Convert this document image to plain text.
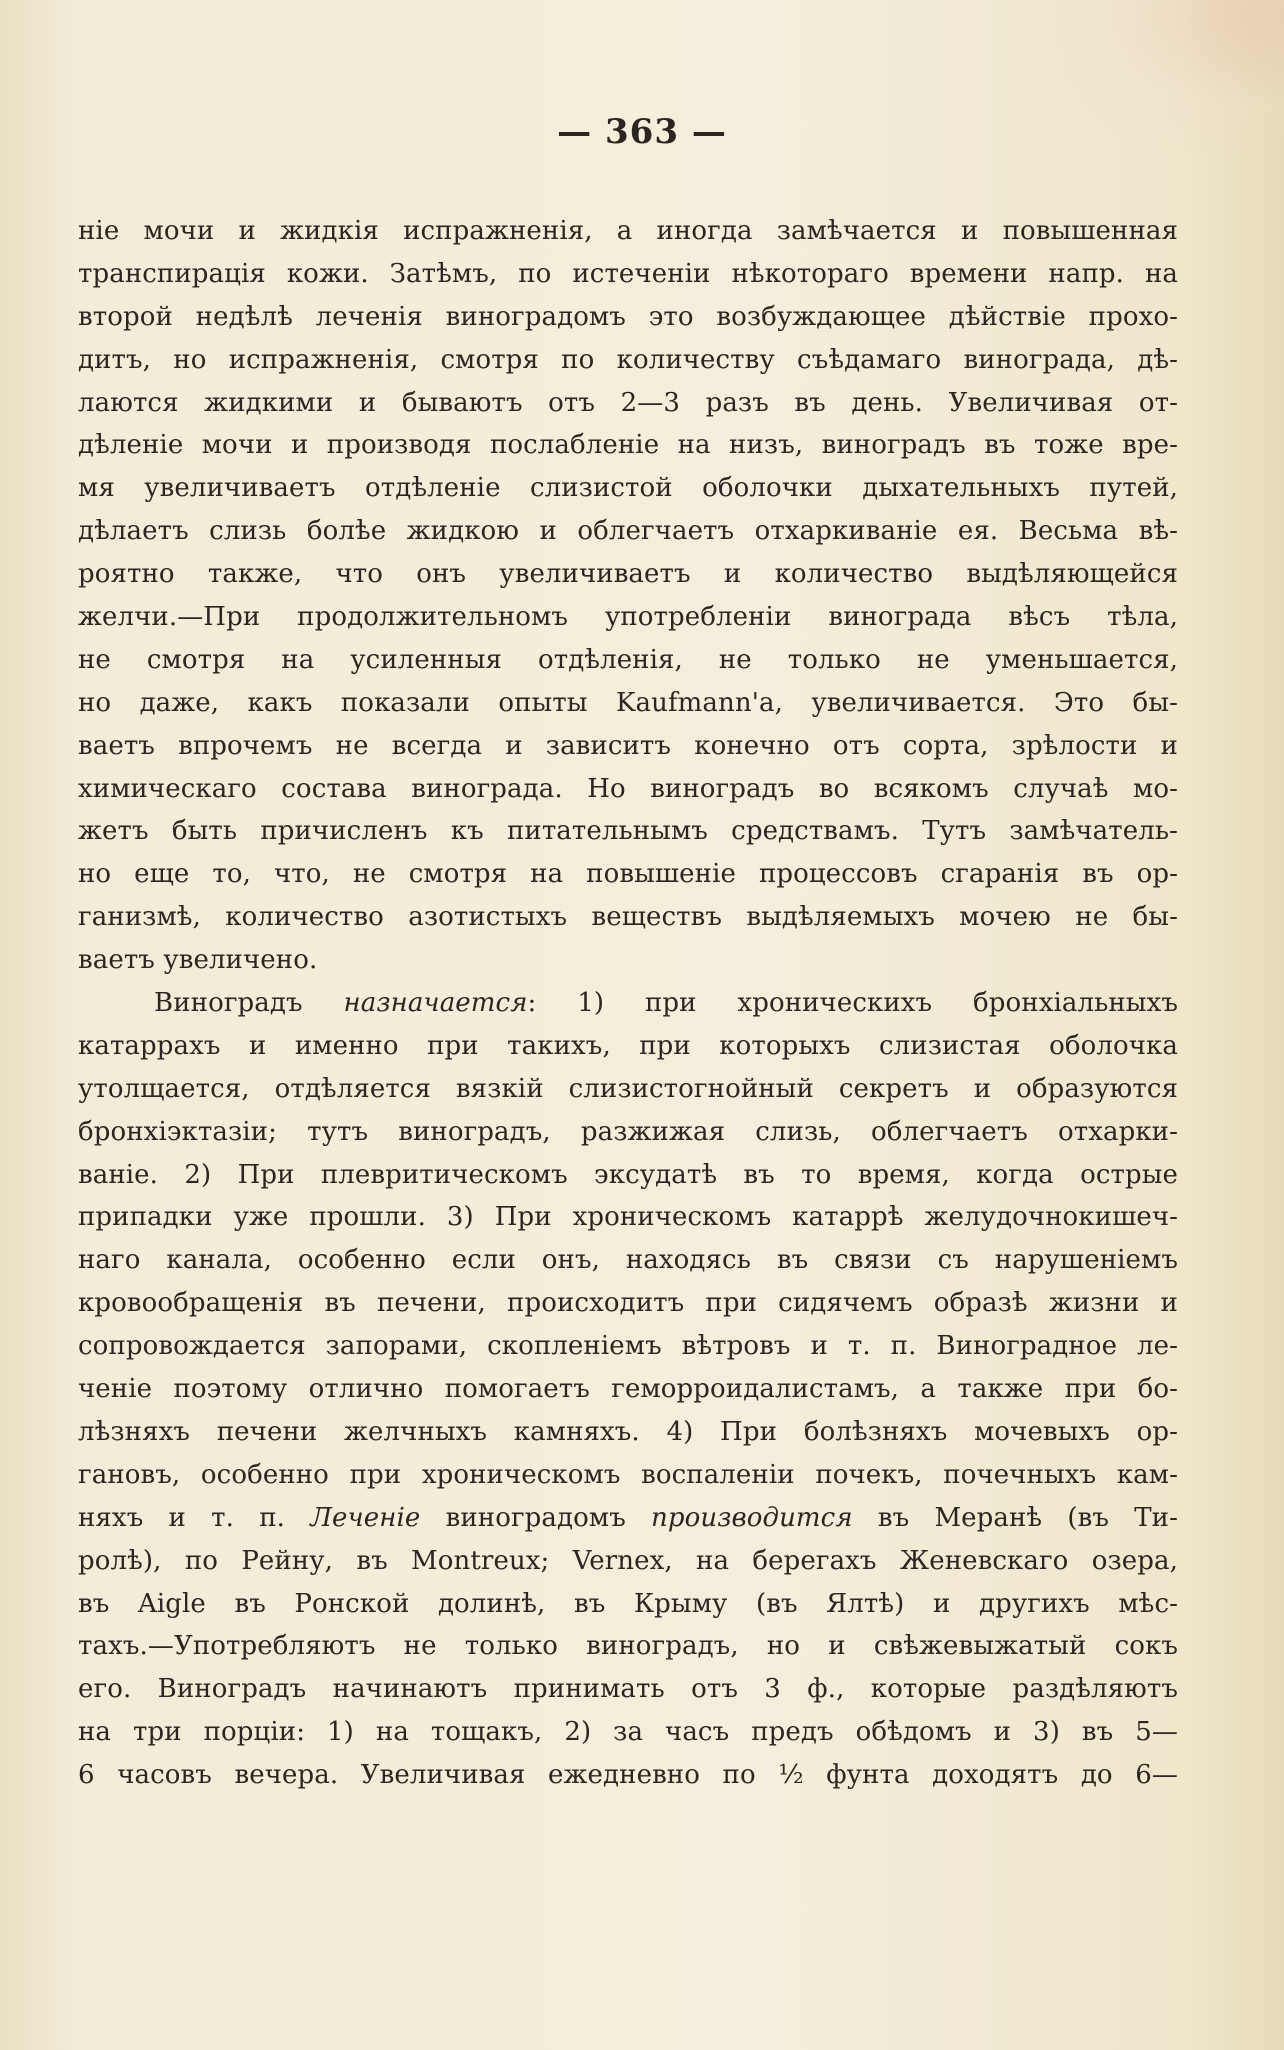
— 363 —
ніе мочи и жидкія испражненія, а иногда замѣчается и повышенная
транспирація кожи. Затѣмъ, по истеченіи нѣкотораго времени напр. на
второй недѣлѣ леченія виноградомъ это возбуждающее дѣйствіе прохо-
дитъ, но испражненія, смотря по количеству съѣдамаго винограда, дѣ-
лаются жидкими и бываютъ отъ 2—3 разъ въ день. Увеличивая от-
дѣленіе мочи и производя послабленіе на низъ, виноградъ въ тоже вре-
мя увеличиваетъ отдѣленіе слизистой оболочки дыхательныхъ путей,
дѣлаетъ слизь болѣе жидкою и облегчаетъ отхаркиваніе ея. Весьма вѣ-
роятно также, что онъ увеличиваетъ и количество выдѣляющейся
желчи.—При продолжительномъ употребленіи винограда вѣсъ тѣла,
не смотря на усиленныя отдѣленія, не только не уменьшается,
но даже, какъ показали опыты Kaufmann'a, увеличивается. Это бы-
ваетъ впрочемъ не всегда и зависитъ конечно отъ сорта, зрѣлости и
химическаго состава винограда. Но виноградъ во всякомъ случаѣ мо-
жетъ быть причисленъ къ питательнымъ средствамъ. Тутъ замѣчатель-
но еще то, что, не смотря на повышеніе процессовъ сгаранія въ ор-
ганизмѣ, количество азотистыхъ веществъ выдѣляемыхъ мочею не бы-
ваетъ увеличено.
Виноградъ назначается: 1) при хроническихъ бронхіальныхъ
катаррахъ и именно при такихъ, при которыхъ слизистая оболочка
утолщается, отдѣляется вязкій слизистогнойный секретъ и образуются
бронхіэктазіи; тутъ виноградъ, разжижая слизь, облегчаетъ отхарки-
ваніе. 2) При плевритическомъ эксудатѣ въ то время, когда острые
припадки уже прошли. 3) При хроническомъ катаррѣ желудочнокишеч-
наго канала, особенно если онъ, находясь въ связи съ нарушеніемъ
кровообращенія въ печени, происходитъ при сидячемъ образѣ жизни и
сопровождается запорами, скопленіемъ вѣтровъ и т. п. Виноградное ле-
ченіе поэтому отлично помогаетъ геморроидалистамъ, а также при бо-
лѣзняхъ печени желчныхъ камняхъ. 4) При болѣзняхъ мочевыхъ ор-
гановъ, особенно при хроническомъ воспаленіи почекъ, почечныхъ кам-
няхъ и т. п. Леченіе виноградомъ производится въ Меранѣ (въ Ти-
ролѣ), по Рейну, въ Montreux; Vernex, на берегахъ Женевскаго озера,
въ Aigle въ Ронской долинѣ, въ Крыму (въ Ялтѣ) и другихъ мѣс-
тахъ.—Употребляютъ не только виноградъ, но и свѣжевыжатый сокъ
его. Виноградъ начинаютъ принимать отъ 3 ф., которые раздѣляютъ
на три порціи: 1) на тощакъ, 2) за часъ предъ обѣдомъ и 3) въ 5—
6 часовъ вечера. Увеличивая ежедневно по ½ фунта доходятъ до 6—
